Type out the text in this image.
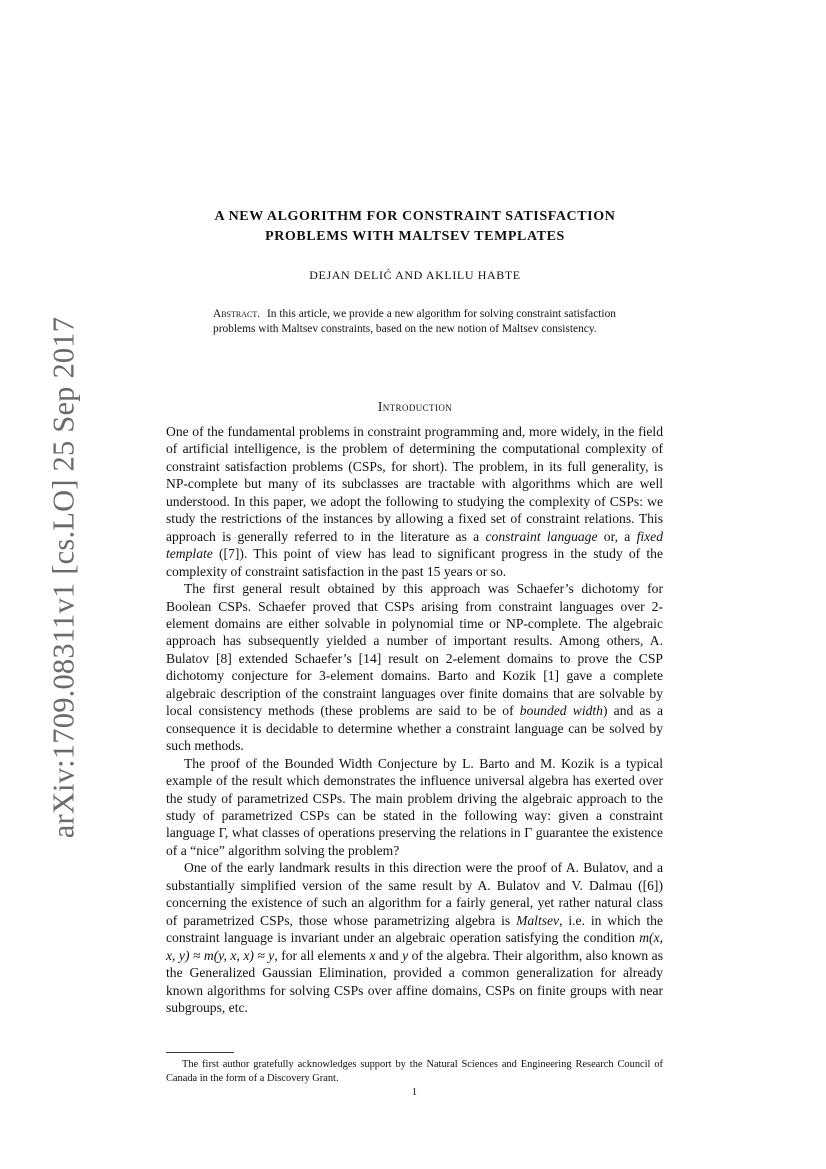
arXiv:1709.08311v1 [cs.LO] 25 Sep 2017
A NEW ALGORITHM FOR CONSTRAINT SATISFACTION
PROBLEMS WITH MALTSEV TEMPLATES
DEJAN DELIĆ AND AKLILU HABTE
Abstract. In this article, we provide a new algorithm for solving constraint satisfaction problems with Maltsev constraints, based on the new notion of Maltsev consistency.
Introduction

One of the fundamental problems in constraint programming and, more widely, in the field of artificial intelligence, is the problem of determining the computational complexity of constraint satisfaction problems (CSPs, for short). The problem, in its full generality, is NP-complete but many of its subclasses are tractable with algorithms which are well understood. In this paper, we adopt the following to studying the complexity of CSPs: we study the restrictions of the instances by allowing a fixed set of constraint relations. This approach is generally referred to in the literature as a constraint language or, a fixed template ([7]). This point of view has lead to significant progress in the study of the complexity of constraint satisfaction in the past 15 years or so.

The first general result obtained by this approach was Schaefer’s dichotomy for Boolean CSPs. Schaefer proved that CSPs arising from constraint languages over 2-element domains are either solvable in polynomial time or NP-complete. The algebraic approach has subsequently yielded a number of important results. Among others, A. Bulatov [8] extended Schaefer’s [14] result on 2-element domains to prove the CSP dichotomy conjecture for 3-element domains. Barto and Kozik [1] gave a complete algebraic description of the constraint languages over finite domains that are solvable by local consistency methods (these problems are said to be of bounded width) and as a consequence it is decidable to determine whether a constraint language can be solved by such methods.

The proof of the Bounded Width Conjecture by L. Barto and M. Kozik is a typical example of the result which demonstrates the influence universal algebra has exerted over the study of parametrized CSPs. The main problem driving the algebraic approach to the study of parametrized CSPs can be stated in the following way: given a constraint language Γ, what classes of operations preserving the relations in Γ guarantee the existence of a “nice” algorithm solving the problem?

One of the early landmark results in this direction were the proof of A. Bulatov, and a substantially simplified version of the same result by A. Bulatov and V. Dalmau ([6]) concerning the existence of such an algorithm for a fairly general, yet rather natural class of parametrized CSPs, those whose parametrizing algebra is Maltsev, i.e. in which the constraint language is invariant under an algebraic operation satisfying the condition m(x, x, y) ≈ m(y, x, x) ≈ y, for all elements x and y of the algebra. Their algorithm, also known as the Generalized Gaussian Elimination, provided a common generalization for already known algorithms for solving CSPs over affine domains, CSPs on finite groups with near subgroups, etc.

The first author gratefully acknowledges support by the Natural Sciences and Engineering Research Council of Canada in the form of a Discovery Grant.
1
